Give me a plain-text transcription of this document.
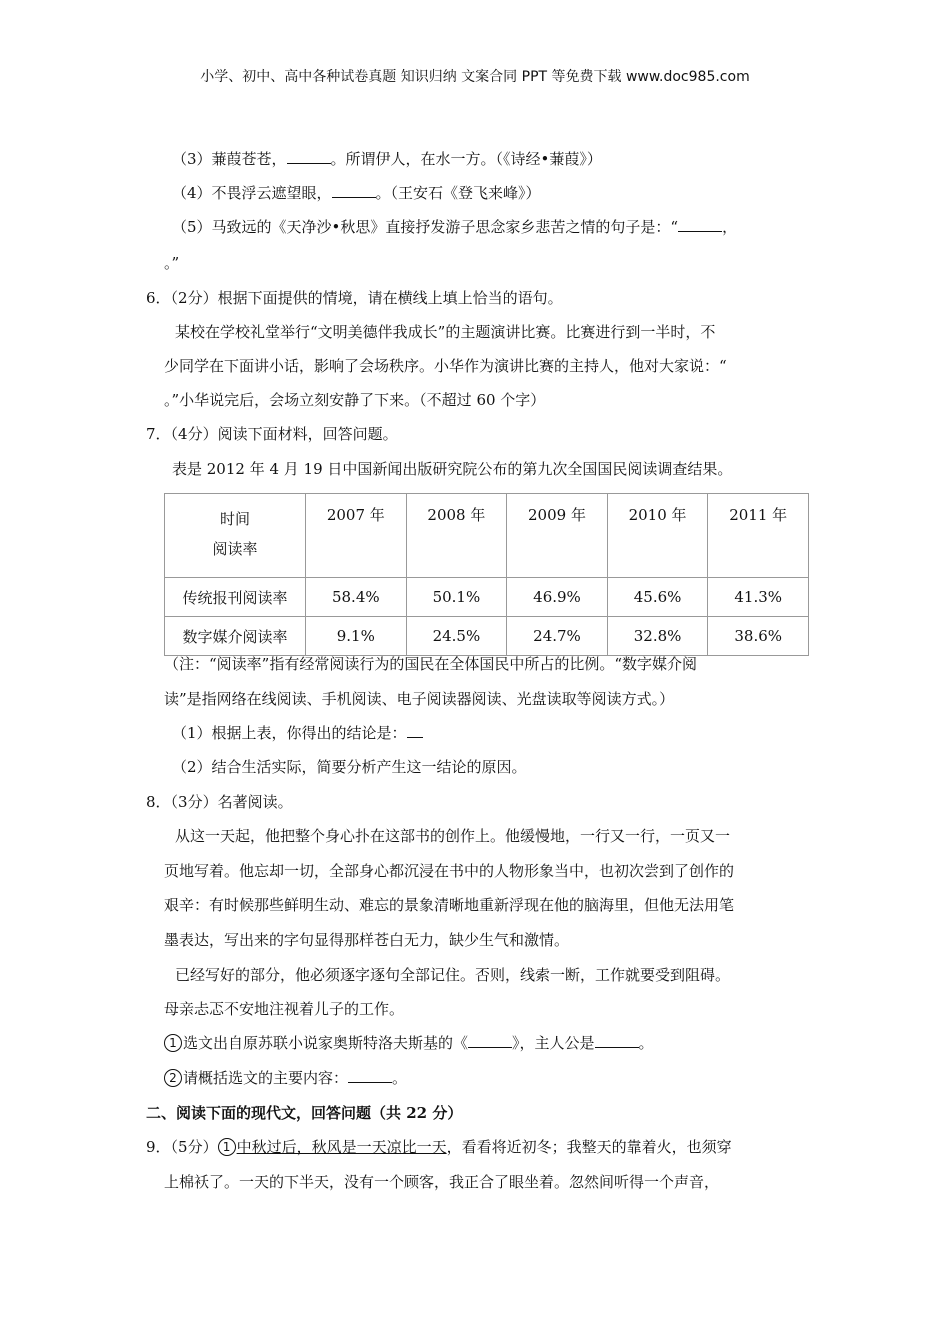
小学、初中、高中各种试卷真题 知识归纳 文案合同 PPT 等免费下载 www.doc985.com
（3）蒹葭苍苍，	。所谓伊人，在水一方。（《诗经•蒹葭》）
（4）不畏浮云遮望眼，	。（王安石《登飞来峰》）
（5）马致远的《天净沙•秋思》直接抒发游子思念家乡悲苦之情的句子是：“	，
。”
6．（2分）根据下面提供的情境，请在横线上填上恰当的语句。
某校在学校礼堂举行“文明美德伴我成长”的主题演讲比赛。比赛进行到一半时，不
少同学在下面讲小话，影响了会场秩序。小华作为演讲比赛的主持人，他对大家说：“
。”小华说完后，会场立刻安静了下来。（不超过 60 个字）
7．（4分）阅读下面材料，回答问题。
表是 2012 年 4 月 19 日中国新闻出版研究院公布的第九次全国国民阅读调查结果。
时间
阅读率	2007 年	2008 年	2009 年	2010 年	2011 年
传统报刊阅读率	58.4%	50.1%	46.9%	45.6%	41.3%
数字媒介阅读率	9.1%	24.5%	24.7%	32.8%	38.6%
（注：“阅读率”指有经常阅读行为的国民在全体国民中所占的比例。“数字媒介阅
读”是指网络在线阅读、手机阅读、电子阅读器阅读、光盘读取等阅读方式。）
（1）根据上表，你得出的结论是：
（2）结合生活实际，简要分析产生这一结论的原因。
8．（3分）名著阅读。
从这一天起，他把整个身心扑在这部书的创作上。他缓慢地，一行又一行，一页又一
页地写着。他忘却一切，全部身心都沉浸在书中的人物形象当中，也初次尝到了创作的
艰辛：有时候那些鲜明生动、难忘的景象清晰地重新浮现在他的脑海里，但他无法用笔
墨表达，写出来的字句显得那样苍白无力，缺少生气和激情。
已经写好的部分，他必须逐字逐句全部记住。否则，线索一断，工作就要受到阻碍。
母亲忐忑不安地注视着儿子的工作。
1 选文出自原苏联小说家奥斯特洛夫斯基的《	》，主人公是	。
2 请概括选文的主要内容：	。
二、阅读下面的现代文，回答问题（共 22 分）
9．（5分） 1 中秋过后，秋风是一天凉比一天，看看将近初冬；我整天的靠着火，也须穿
上棉袄了。一天的下半天，没有一个顾客，我正合了眼坐着。忽然间听得一个声音，
